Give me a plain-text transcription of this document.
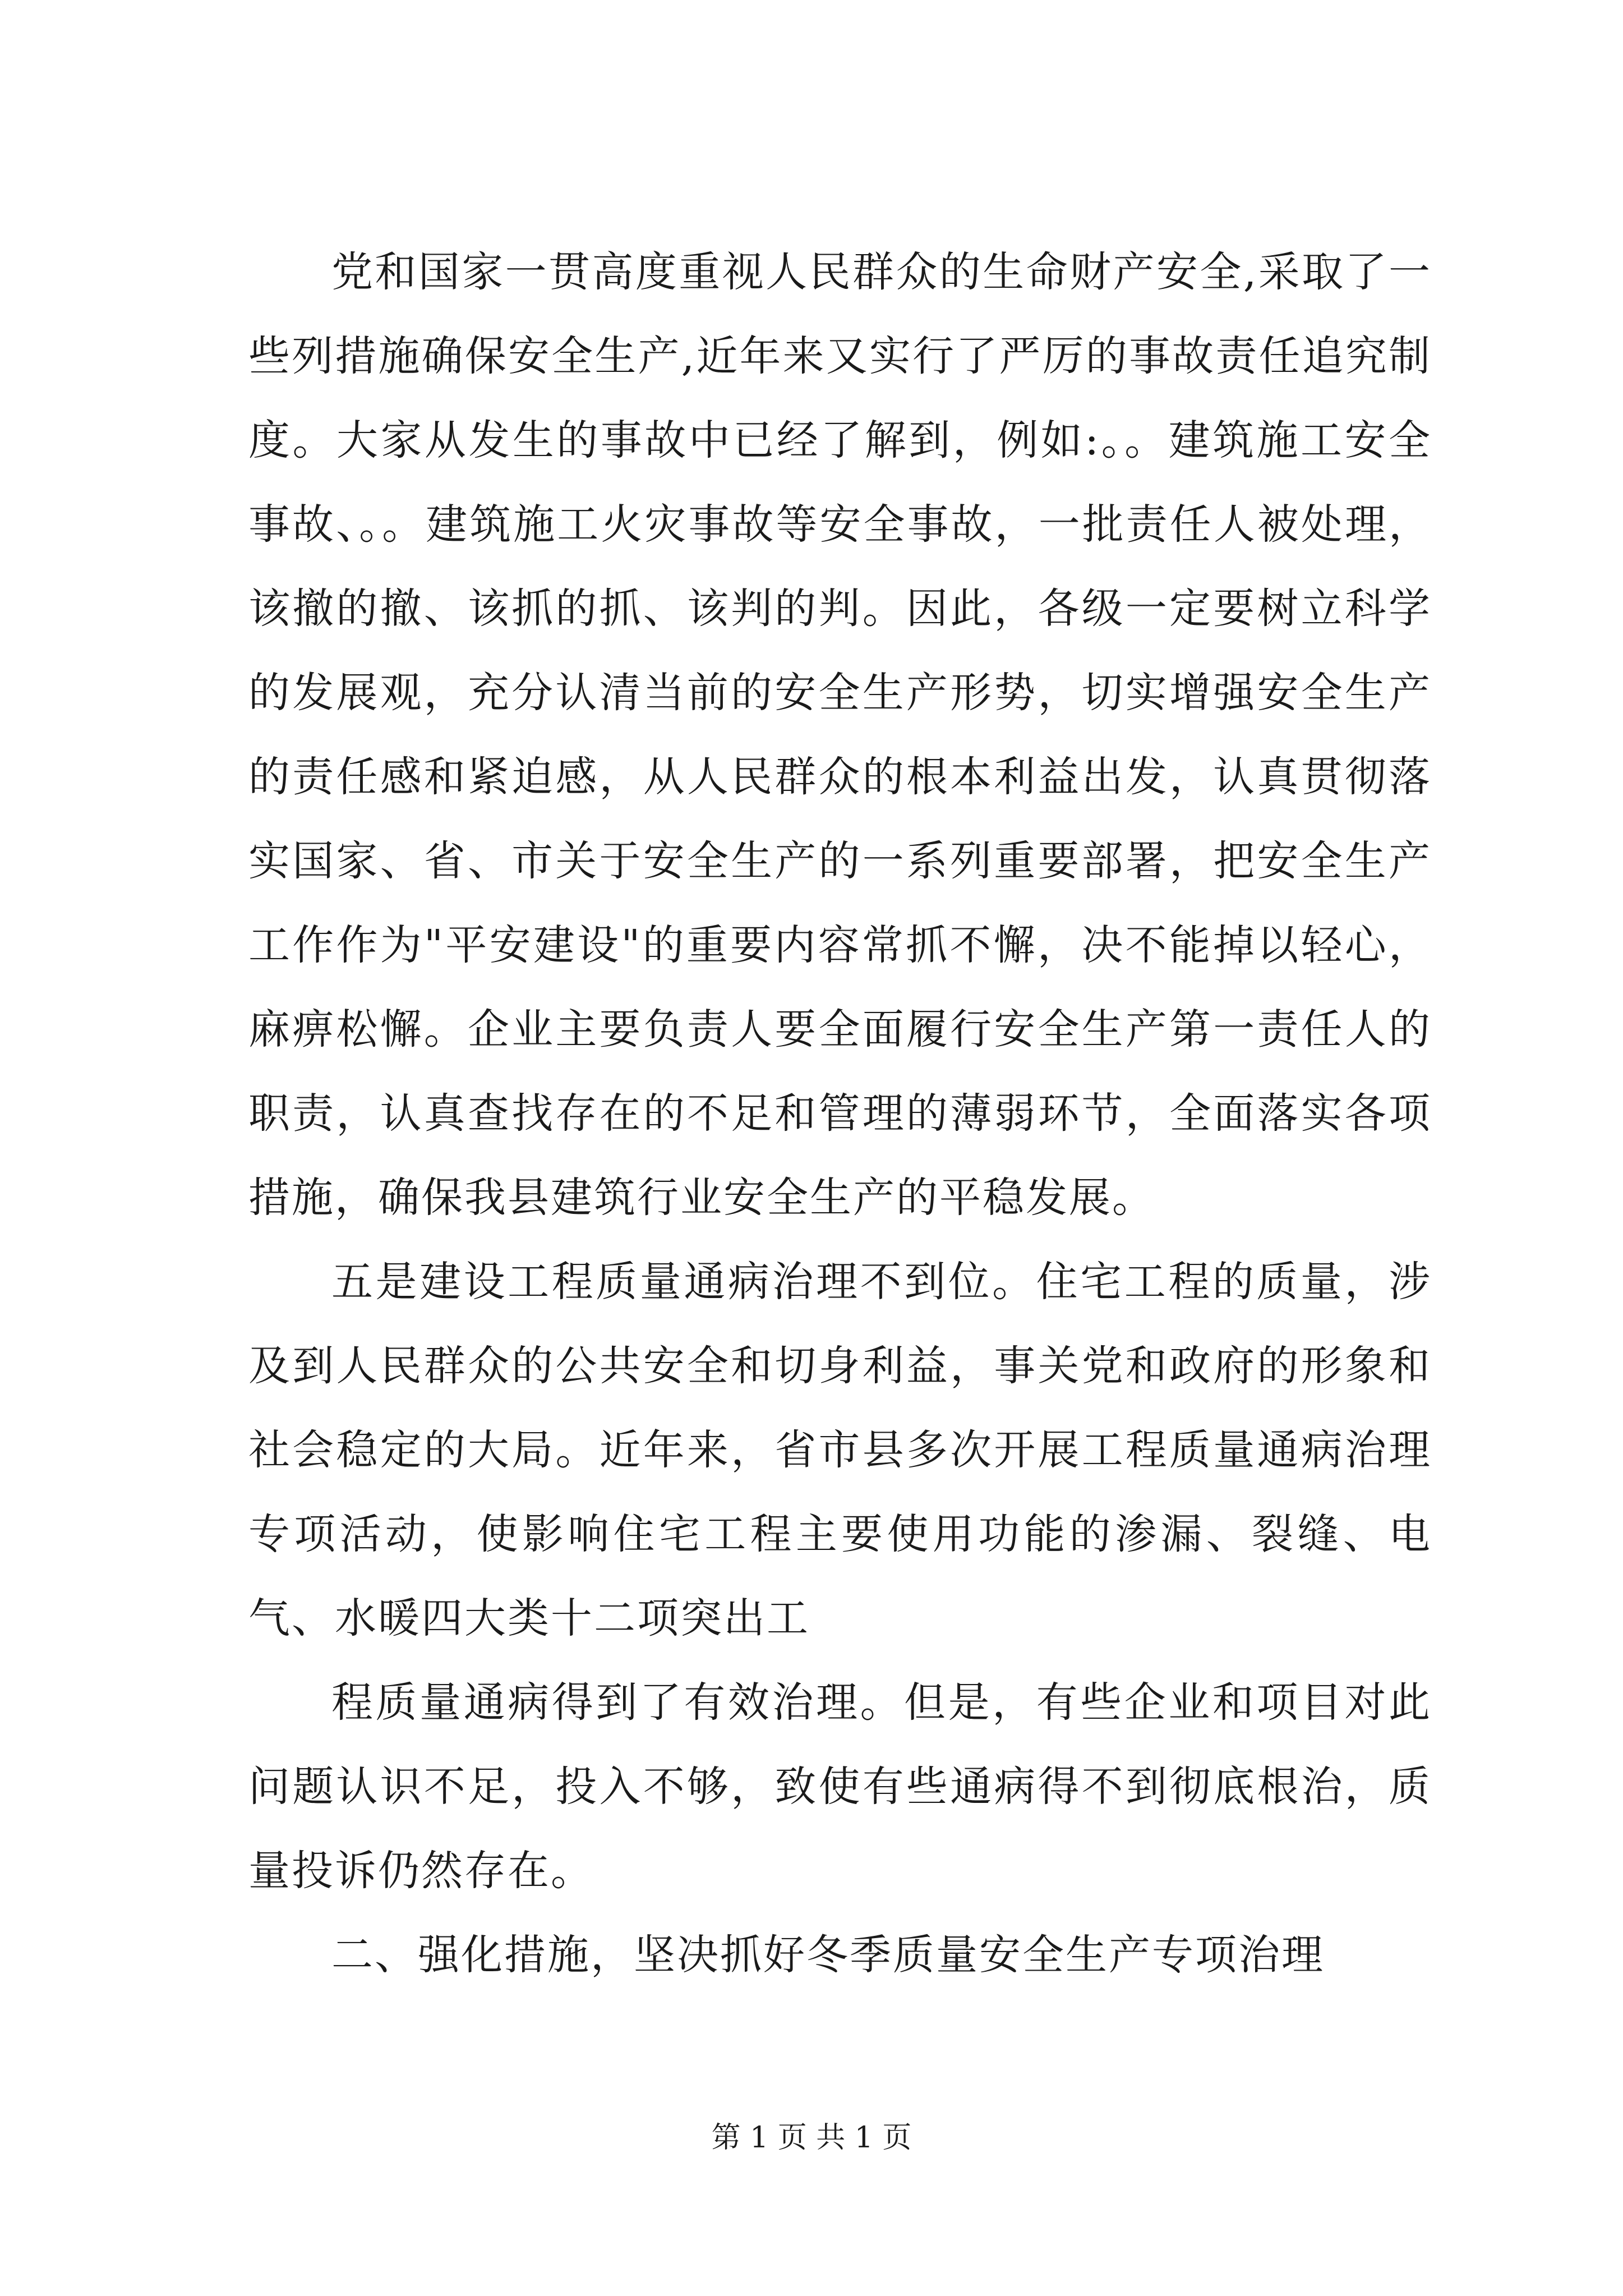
党和国家一贯高度重视人民群众的生命财产安全,采取了一些列措施确保安全生产,近年来又实行了严厉的事故责任追究制度。大家从发生的事故中已经了解到，例如:。。建筑施工安全事故、。。建筑施工火灾事故等安全事故，一批责任人被处理，该撤的撤、该抓的抓、该判的判。因此，各级一定要树立科学的发展观，充分认清当前的安全生产形势，切实增强安全生产的责任感和紧迫感，从人民群众的根本利益出发，认真贯彻落实国家、省、市关于安全生产的一系列重要部署，把安全生产工作作为"平安建设"的重要内容常抓不懈，决不能掉以轻心，麻痹松懈。企业主要负责人要全面履行安全生产第一责任人的职责，认真查找存在的不足和管理的薄弱环节，全面落实各项措施，确保我县建筑行业安全生产的平稳发展。

五是建设工程质量通病治理不到位。住宅工程的质量，涉及到人民群众的公共安全和切身利益，事关党和政府的形象和社会稳定的大局。近年来，省市县多次开展工程质量通病治理专项活动，使影响住宅工程主要使用功能的渗漏、裂缝、电气、水暖四大类十二项突出工

程质量通病得到了有效治理。但是，有些企业和项目对此问题认识不足，投入不够，致使有些通病得不到彻底根治，质量投诉仍然存在。

二、强化措施，坚决抓好冬季质量安全生产专项治理

第 1 页 共 1 页
